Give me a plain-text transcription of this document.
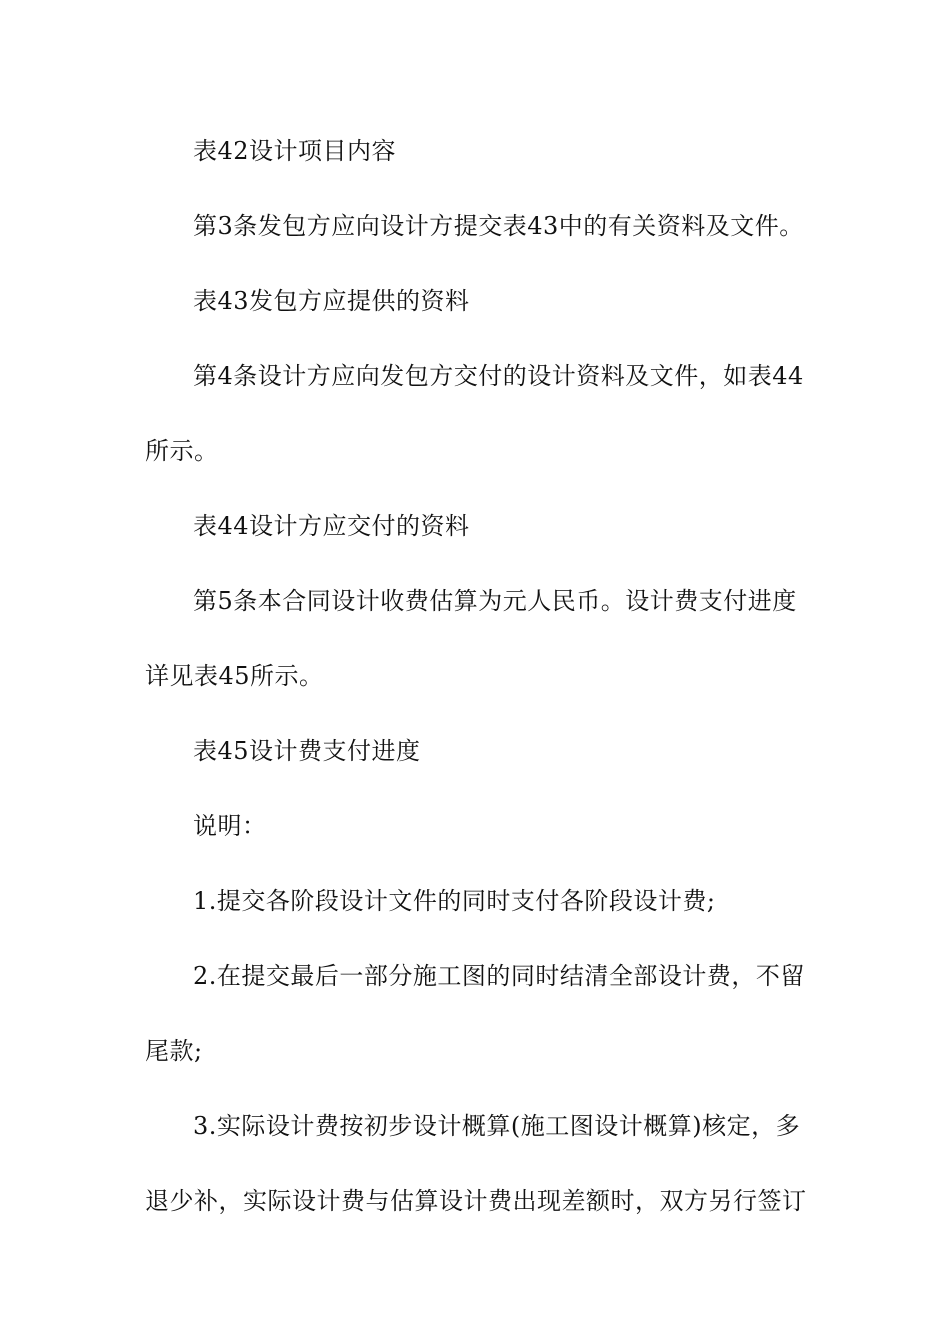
表42设计项目内容
第3条发包方应向设计方提交表43中的有关资料及文件。
表43发包方应提供的资料
第4条设计方应向发包方交付的设计资料及文件，如表44
所示。
表44设计方应交付的资料
第5条本合同设计收费估算为元人民币。设计费支付进度
详见表45所示。
表45设计费支付进度
说明：
1.提交各阶段设计文件的同时支付各阶段设计费;
2.在提交最后一部分施工图的同时结清全部设计费，不留
尾款;
3.实际设计费按初步设计概算(施工图设计概算)核定，多
退少补，实际设计费与估算设计费出现差额时，双方另行签订
